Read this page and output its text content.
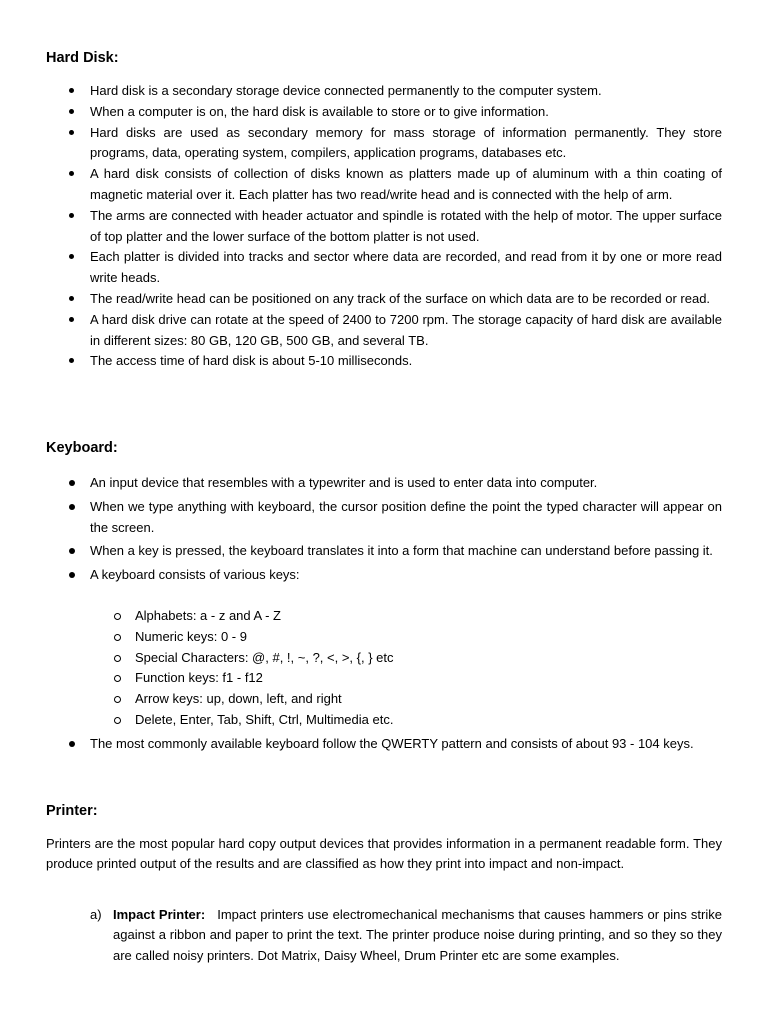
Hard Disk:
Hard disk is a secondary storage device connected permanently to the computer system.
When a computer is on, the hard disk is available to store or to give information.
Hard disks are used as secondary memory for mass storage of information permanently. They store programs, data, operating system, compilers, application programs, databases etc.
A hard disk consists of collection of disks known as platters made up of aluminum with a thin coating of magnetic material over it. Each platter has two read/write head and is connected with the help of arm.
The arms are connected with header actuator and spindle is rotated with the help of motor. The upper surface of top platter and the lower surface of the bottom platter is not used.
Each platter is divided into tracks and sector where data are recorded, and read from it by one or more read write heads.
The read/write head can be positioned on any track of the surface on which data are to be recorded or read.
A hard disk drive can rotate at the speed of 2400 to 7200 rpm. The storage capacity of hard disk are available in different sizes: 80 GB, 120 GB, 500 GB, and several TB.
The access time of hard disk is about 5-10 milliseconds.
Keyboard:
An input device that resembles with a typewriter and is used to enter data into computer.
When we type anything with keyboard, the cursor position define the point the typed character will appear on the screen.
When a key is pressed, the keyboard translates it into a form that machine can understand before passing it.
A keyboard consists of various keys:
Alphabets: a - z and A - Z
Numeric keys: 0 - 9
Special Characters: @, #, !, ~, ?, <, >, {, } etc
Function keys: f1 - f12
Arrow keys: up, down, left, and right
Delete, Enter, Tab, Shift, Ctrl, Multimedia etc.
The most commonly available keyboard follow the QWERTY pattern and consists of about 93 - 104 keys.
Printer:

Printers are the most popular hard copy output devices that provides information in a permanent readable form. They produce printed output of the results and are classified as how they print into impact and non-impact.

a) Impact Printer: Impact printers use electromechanical mechanisms that causes hammers or pins strike against a ribbon and paper to print the text. The printer produce noise during printing, and so they so they are called noisy printers. Dot Matrix, Daisy Wheel, Drum Printer etc are some examples.
